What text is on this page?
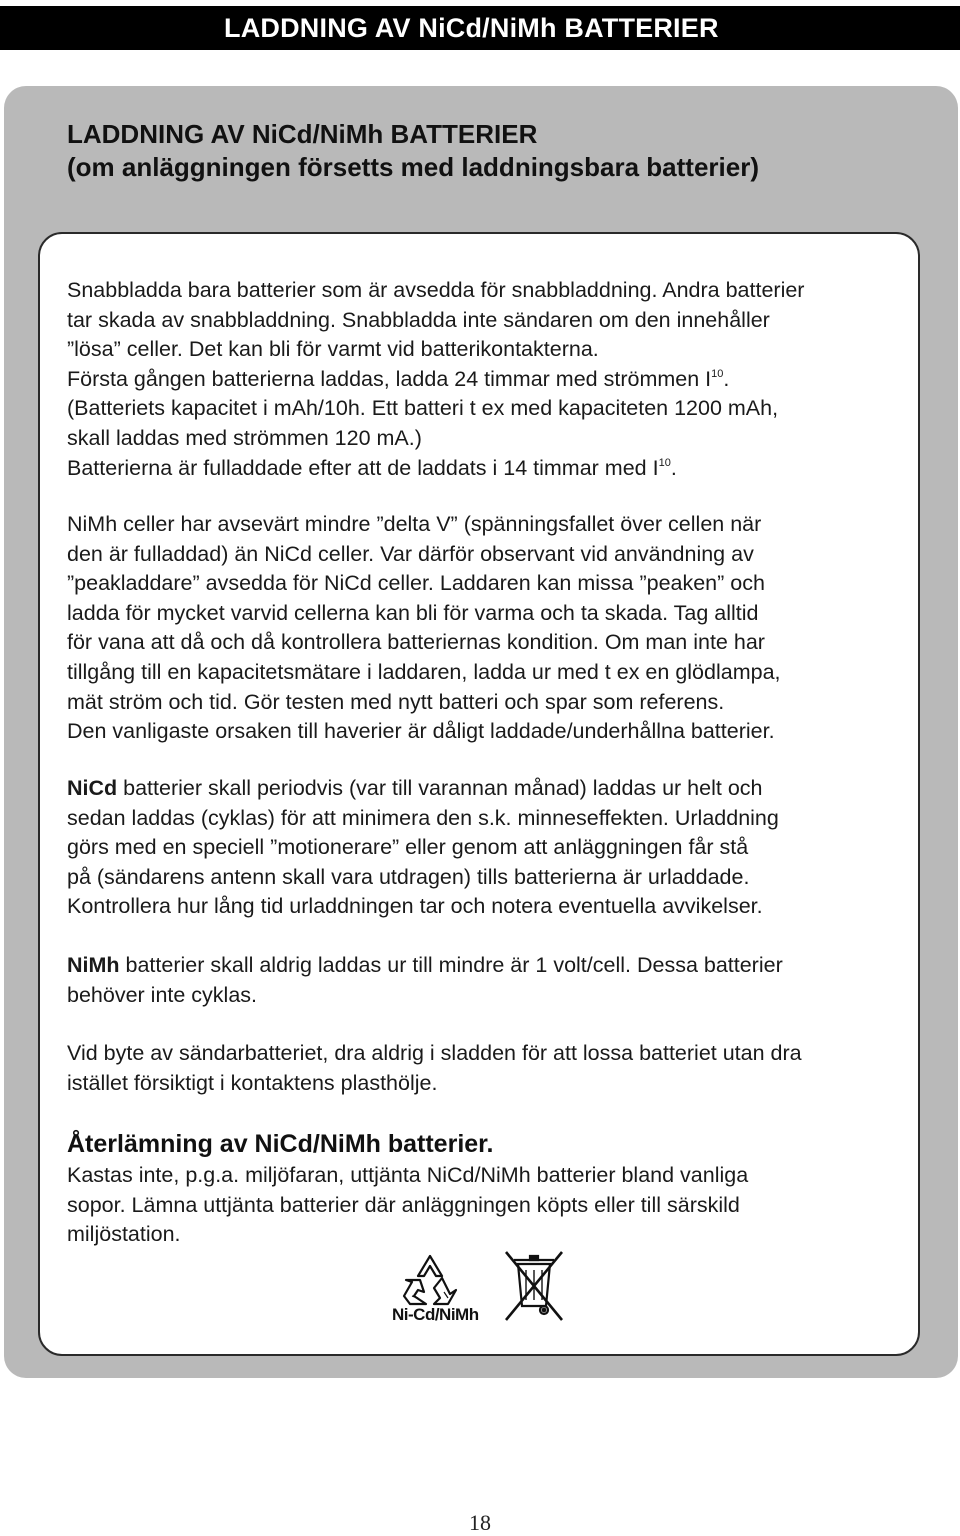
LADDNING AV NiCd/NiMh BATTERIER
LADDNING AV NiCd/NiMh BATTERIER
(om anläggningen försetts med laddningsbara batterier)
Snabbladda bara batterier som är avsedda för snabbladdning. Andra batterier
tar skada av snabbladdning. Snabbladda inte sändaren om den innehåller
”lösa” celler. Det kan bli för varmt vid batterikontakterna.
Första gången batterierna laddas, ladda 24 timmar med strömmen $I^{10}$.
(Batteriets kapacitet i mAh/10h. Ett batteri t ex med kapaciteten 1200 mAh,
skall laddas med strömmen 120 mA.)
Batterierna är fulladdade efter att de laddats i 14 timmar med $I^{10}$.
NiMh celler har avsevärt mindre ”delta V” (spänningsfallet över cellen när
den är fulladdad) än NiCd celler. Var därför observant vid användning av
”peakladdare” avsedda för NiCd celler. Laddaren kan missa ”peaken” och
ladda för mycket varvid cellerna kan bli för varma och ta skada. Tag alltid
för vana att då och då kontrollera batteriernas kondition. Om man inte har
tillgång till en kapacitetsmätare i laddaren, ladda ur med t ex en glödlampa,
mät ström och tid. Gör testen med nytt batteri och spar som referens.
Den vanligaste orsaken till haverier är dåligt laddade/underhållna batterier.
NiCd batterier skall periodvis (var till varannan månad) laddas ur helt och
sedan laddas (cyklas) för att minimera den s.k. minneseffekten. Urladdning
görs med en speciell ”motionerare” eller genom att anläggningen får stå
på (sändarens antenn skall vara utdragen) tills batterierna är urladdade.
Kontrollera hur lång tid urladdningen tar och notera eventuella avvikelser.
NiMh batterier skall aldrig laddas ur till mindre är 1 volt/cell. Dessa batterier
behöver inte cyklas.
Vid byte av sändarbatteriet, dra aldrig i sladden för att lossa batteriet utan dra
istället försiktigt i kontaktens plasthölje.
Återlämning av NiCd/NiMh batterier.
Kastas inte, p.g.a. miljöfaran, uttjänta NiCd/NiMh batterier bland vanliga
sopor. Lämna uttjänta batterier där anläggningen köpts eller till särskild
miljöstation.
Ni-Cd/NiMh
18
